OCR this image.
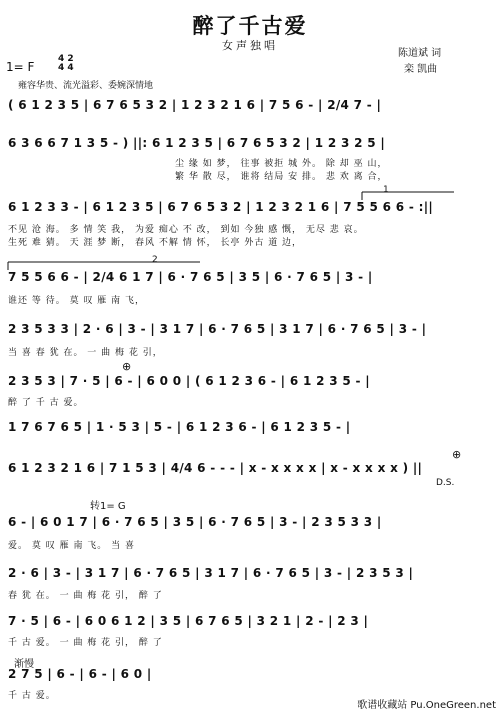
醉了千古爱
女声独唱
陈道斌 词
栾 凯曲
1= F
4 2
4 4
雍容华贵、流光溢彩、委婉深情地
( 6 1 2 3 5 | 6 7 6 5 3 2 | 1 2 3 2 1 6 | 7 5 6 - | 2/4 7 - |
6 3 6 6 7 1 3 5 - ) ||: 6 1 2 3 5 | 6 7 6 5 3 2 | 1 2 3 2 5 |
尘 缘 如 梦， 往事 被拒 城 外。 除 却 巫 山，
繁 华 散 尽， 谁将 结局 安 排。 悲 欢 离 合，
6 1 2 3 3 - | 6 1 2 3 5 | 6 7 6 5 3 2 | 1 2 3 2 1 6 | 7 5 5 6 6 - :||
不见 沧 海。 多 情 笑 我， 为爱 痴心 不 改， 到如 今独 感 慨， 无尽 悲 哀。
生死 难 猜。 天 涯 梦 断， 春风 不解 情 怀， 长亭 外古 道 边，
7 5 5 6 6 - | 2/4 6 1 7 | 6 · 7 6 5 | 3 5 | 6 · 7 6 5 | 3 - |
谁还 等 待。 莫 叹 雁 南 飞，
2 3 5 3 3 | 2 · 6 | 3 - | 3 1 7 | 6 · 7 6 5 | 3 1 7 | 6 · 7 6 5 | 3 - |
当 喜 春 犹 在。 一 曲 梅 花 引，
2 3 5 3 | 7 · 5 | 6 - | 6 0 0 | ( 6 1 2 3 6 - | 6 1 2 3 5 - |
醉 了 千 古 爱。
1 7 6 7 6 5 | 1 · 5 3 | 5 - | 6 1 2 3 6 - | 6 1 2 3 5 - |
6 1 2 3 2 1 6 | 7 1 5 3 | 4/4 6 - - - | x - x x x x | x - x x x x ) ||
6 - | 6 0 1 7 | 6 · 7 6 5 | 3 5 | 6 · 7 6 5 | 3 - | 2 3 5 3 3 |
爱。 莫 叹 雁 南 飞。 当 喜
2 · 6 | 3 - | 3 1 7 | 6 · 7 6 5 | 3 1 7 | 6 · 7 6 5 | 3 - | 2 3 5 3 |
春 犹 在。 一 曲 梅 花 引， 醉 了
7 · 5 | 6 - | 6 0 6 1 2 | 3 5 | 6 7 6 5 | 3 2 1 | 2 - | 2 3 |
千 古 爱。 一 曲 梅 花 引， 醉 了
2 7 5 | 6 - | 6 - | 6 0 |
千 古 爱。
D.S.
转1= G
渐慢
1
2
⊕
⊕
歌谱收藏站 Pu.OneGreen.net
